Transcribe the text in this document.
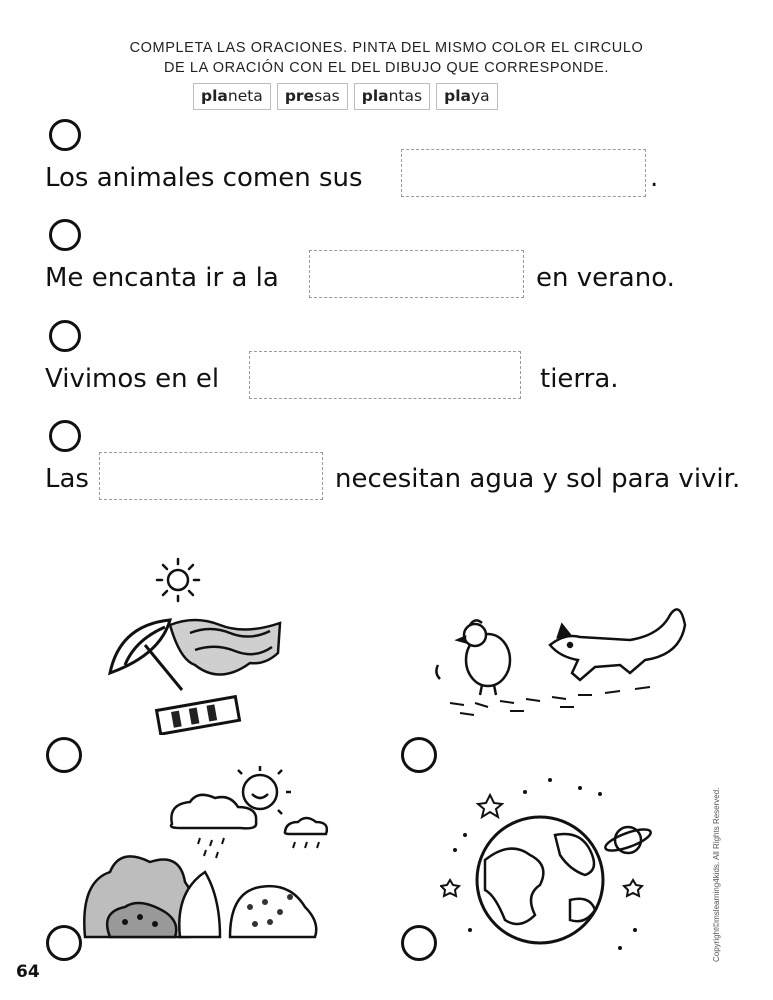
COMPLETA LAS ORACIONES. PINTA DEL MISMO COLOR EL CIRCULO
DE LA ORACIÓN CON EL DEL DIBUJO QUE CORRESPONDE.
planeta	presas	plantas	playa
Los animales comen sus	.
Me encanta ir a la	en verano.
Vivimos en el	tierra.
Las	necesitan agua y sol para vivir.
64
Copyright©mslearning4kids. All Rights Reserved.
